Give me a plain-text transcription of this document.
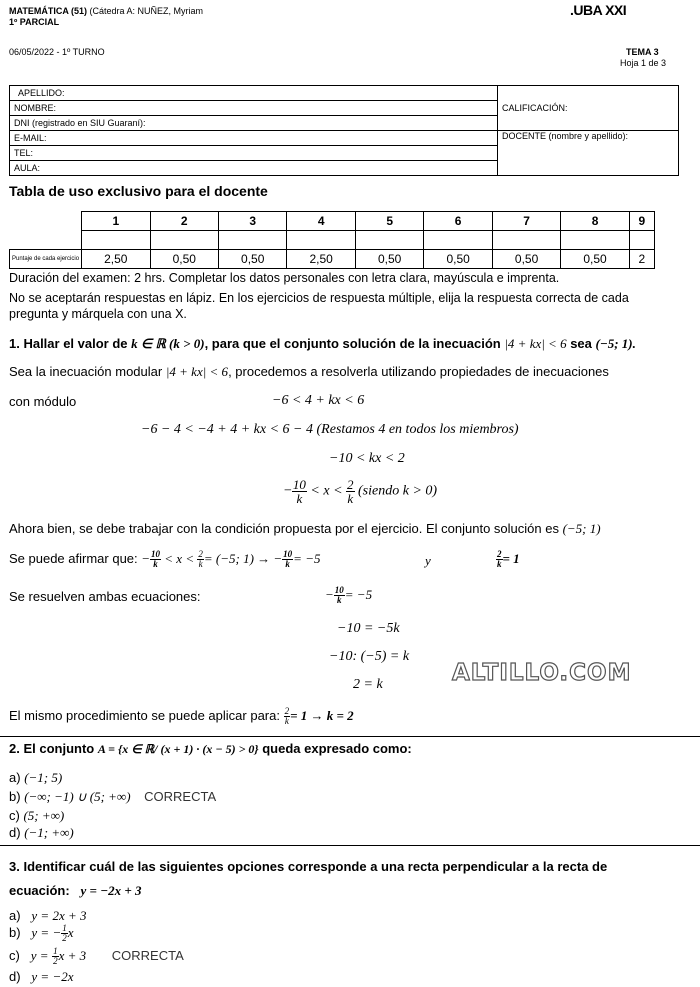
MATEMÁTICA (51) (Cátedra A: NUÑEZ, Myriam
1º PARCIAL
.UBA XXI
06/05/2022 - 1º TURNO	TEMA 3
Hoja 1 de 3
APELLIDO:	CALIFICACIÓN:
NOMBRE:	
DNI (registrado en SIU Guaraní):	
E-MAIL:	DOCENTE (nombre y apellido):
TEL:	
AULA:	
Tabla de uso exclusivo para el docente
	1	2	3	4	5	6	7	8	9

Puntaje de cada ejercicio	2,50	0,50	0,50	2,50	0,50	0,50	0,50	0,50	2
Duración del examen: 2 hrs. Completar los datos personales con letra clara, mayúscula e imprenta.
No se aceptarán respuestas en lápiz. En los ejercicios de respuesta múltiple, elija la respuesta correcta de cada
pregunta y márquela con una X.
1. Hallar el valor de k ∈ ℝ (k > 0), para que el conjunto solución de la inecuación |4 + kx| < 6 sea (−5; 1).
Sea la inecuación modular |4 + kx| < 6, procedemos a resolverla utilizando propiedades de inecuaciones
con módulo	−6 < 4 + kx < 6
−6 − 4 < −4 + 4 + kx < 6 − 4 (Restamos 4 en todos los miembros)
−10 < kx < 2
− $\frac{10}{k} < x < \frac{2}{k}$ (siendo k > 0)
Ahora bien, se debe trabajar con la condición propuesta por el ejercicio. El conjunto solución es (−5; 1)
Se puede afirmar que: − $\frac{10}{k} < x < \frac{2}{k} = (-5$; 1) → − $\frac{10}{k} = -5$	y	$\frac{2}{k} = 1$
Se resuelven ambas ecuaciones:	− $\frac{10}{k} = -5$
−10 = −5k
−10: (−5) = k
2 = k	ALTILLO.COM
El mismo procedimiento se puede aplicar para: $\frac{2}{k} = 1 \to k = 2$
2. El conjunto A = {x ∈ ℝ/ (x + 1) · (x − 5) > 0} queda expresado como:
a) (−1; 5)
b) (−∞; −1) ∪ (5; +∞) CORRECTA
c) (5; +∞)
d) (−1; +∞)
3. Identificar cuál de las siguientes opciones corresponde a una recta perpendicular a la recta de
ecuación: y = −2x + 3
a) y = 2x + 3
b) y = − $\frac{1}{2}$ x
c) $y = \frac{1}{2}$ x + 3 CORRECTA
d) y = −2x
